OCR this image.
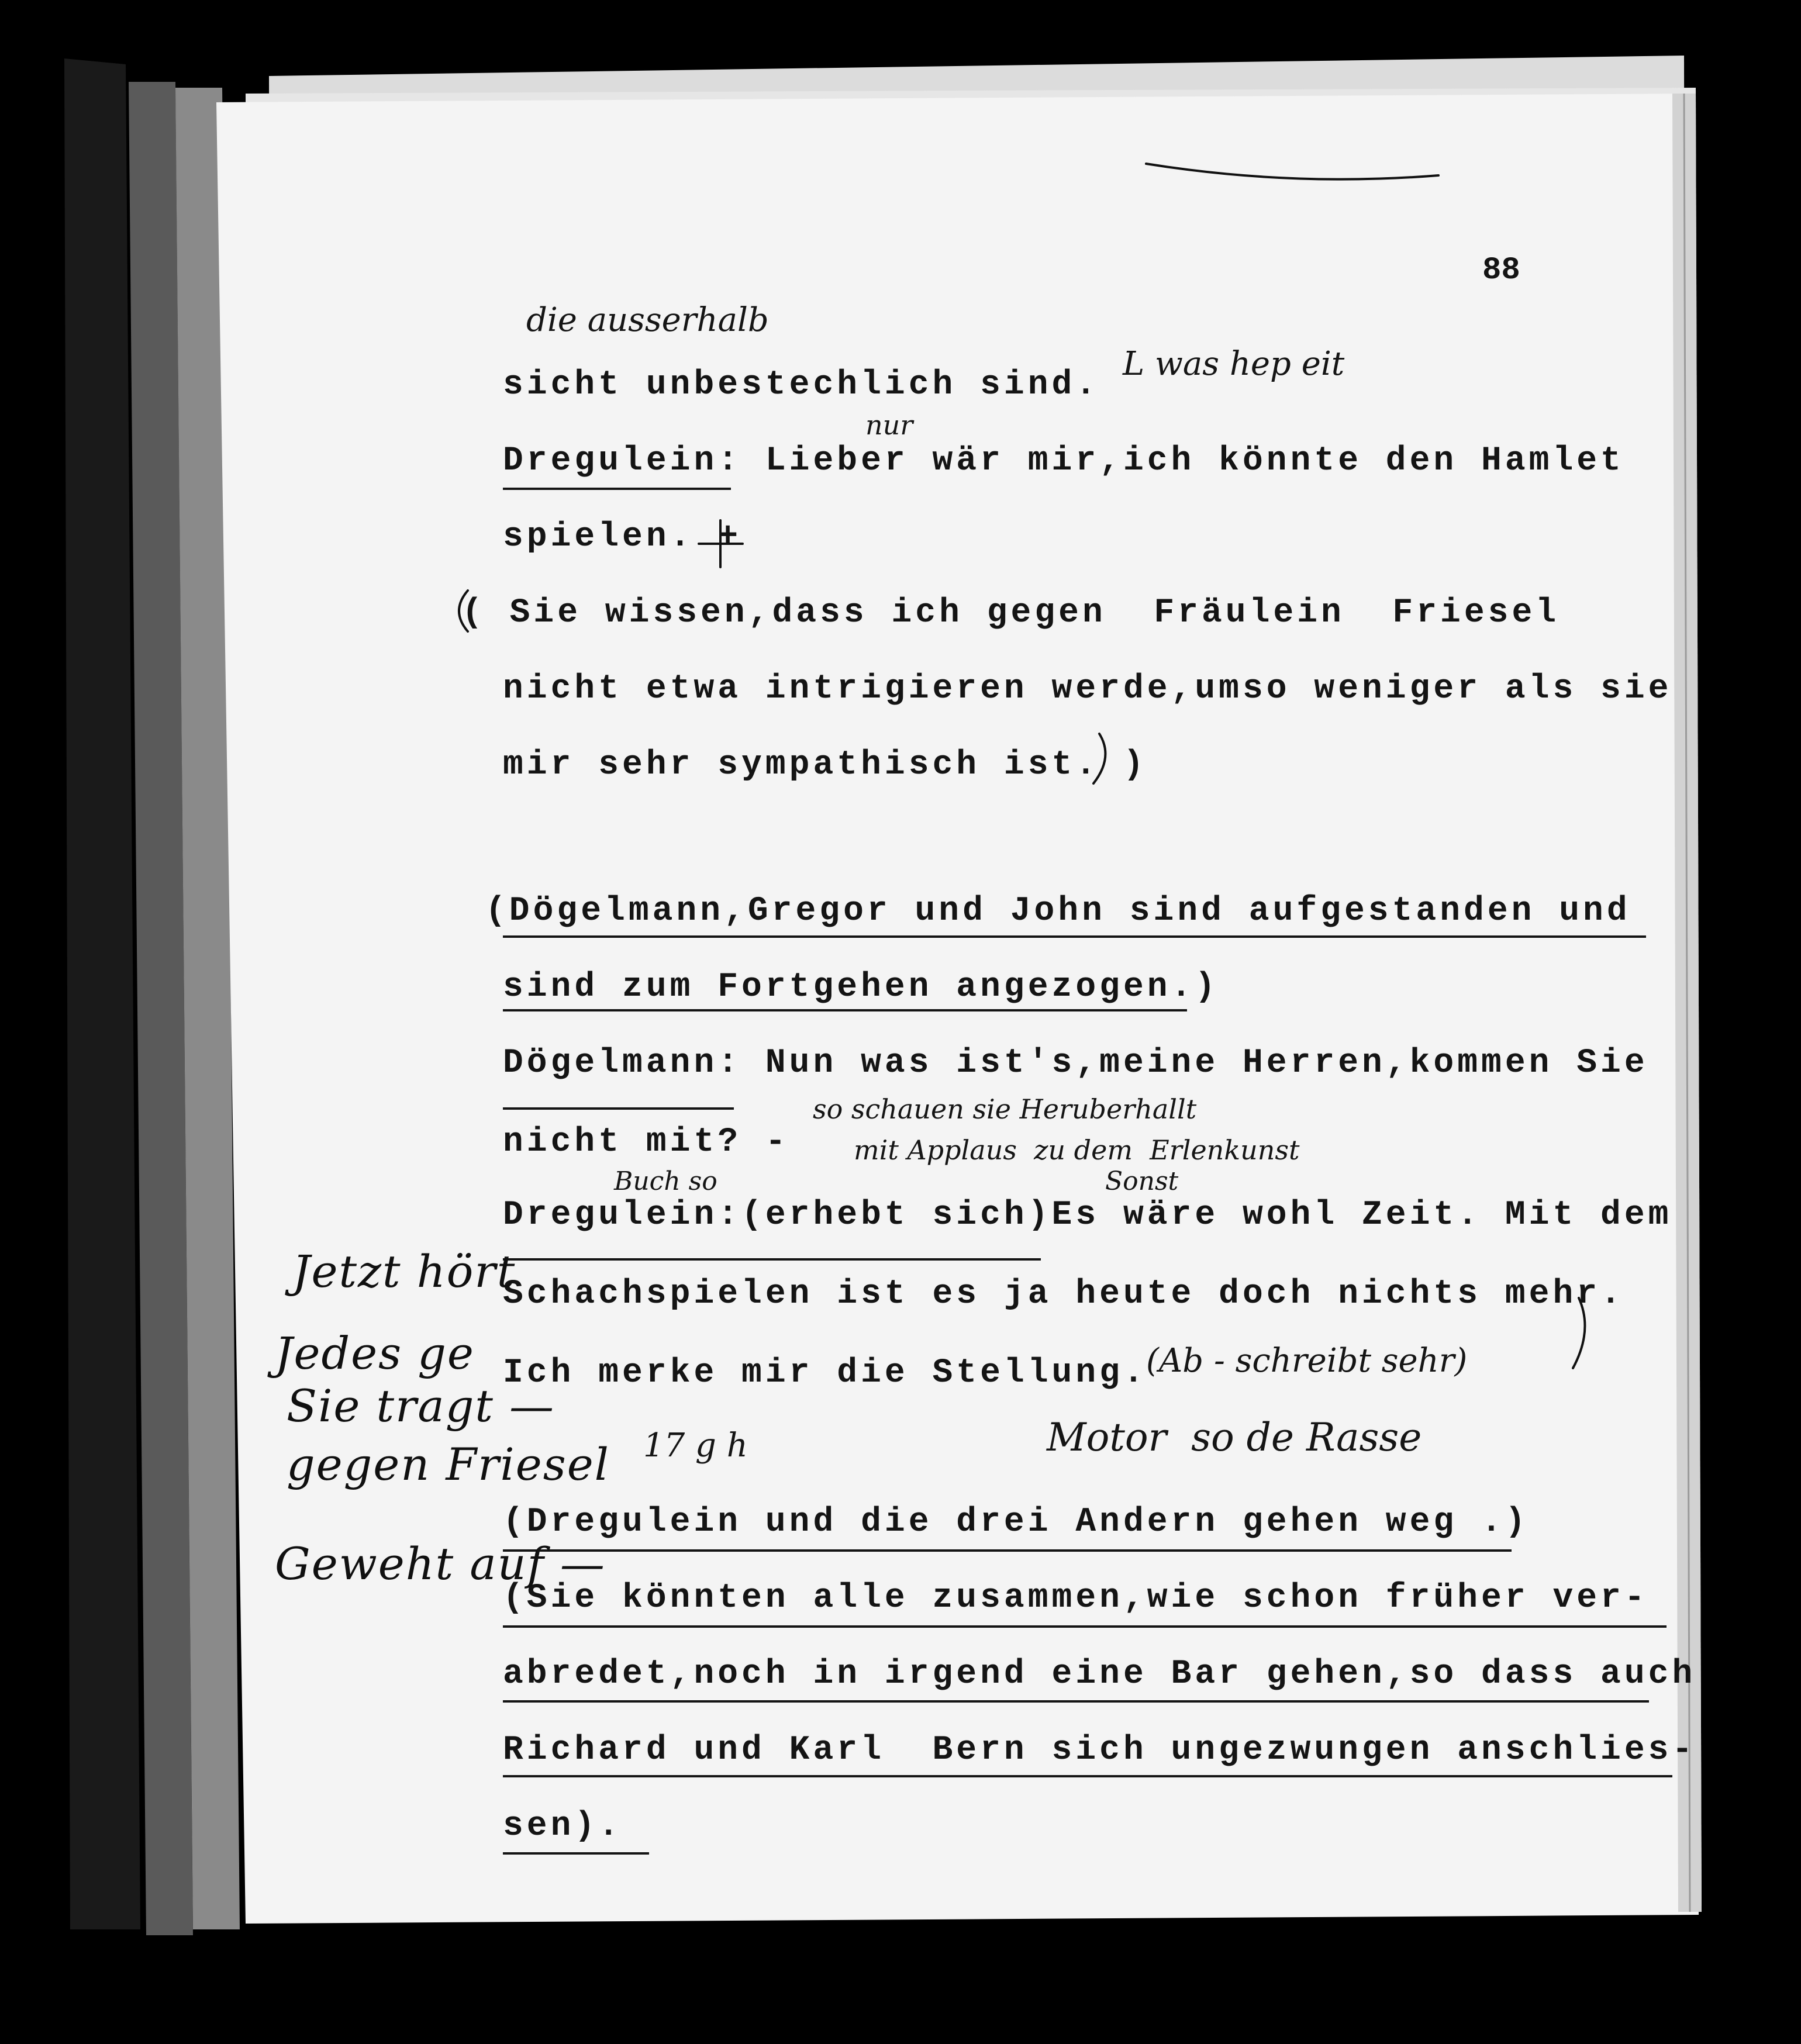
88
sicht unbestechlich sind.
Dregulein: Lieber wär mir,ich könnte den Hamlet
spielen. +
( Sie wissen,dass ich gegen  Fräulein  Friesel
nicht etwa intrigieren werde,umso weniger als sie
mir sehr sympathisch ist. )
(Dögelmann,Gregor und John sind aufgestanden und
sind zum Fortgehen angezogen.)
Dögelmann: Nun was ist's,meine Herren,kommen Sie
nicht mit? -
Dregulein:(erhebt sich)Es wäre wohl Zeit. Mit dem
Schachspielen ist es ja heute doch nichts mehr.
Ich merke mir die Stellung.
(Dregulein und die drei Andern gehen weg .)
(Sie könnten alle zusammen,wie schon früher ver-
abredet,noch in irgend eine Bar gehen,so dass auch
Richard und Karl  Bern sich ungezwungen anschlies-
sen).
die ausserhalb
L was hep eit
nur
so schauen sie Heruberhallt
mit Applaus  zu dem  Erlenkunst
Buch so	Sonst
(Ab - schreibt sehr)
17 g h	Motor  so de Rasse
Jetzt hört
Jedes ge
Sie tragt —
gegen Friesel
Geweht auf —
